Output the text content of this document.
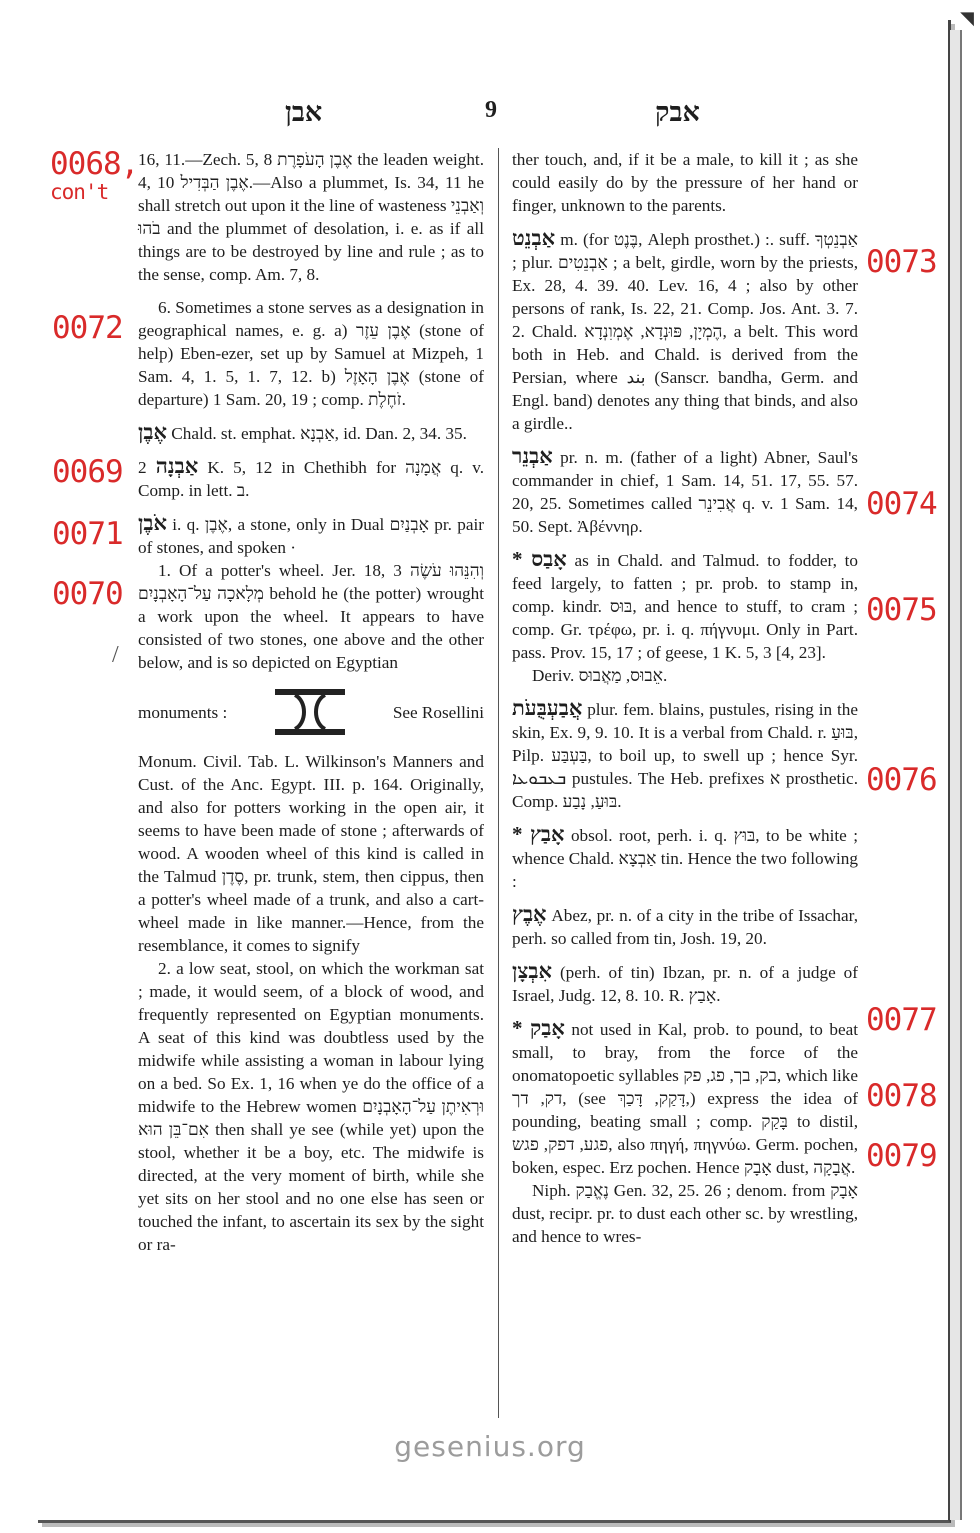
◥
אבן	9	אבק
0068,
con't
0072
0069
0071
0070
0073
0074
0075
0076
0077
0078
0079
/

16, 11.—Zech. 5, 8 אֶבֶן הָעֹפָרֶת the leaden weight. 4, 10 אֶבֶן הַבְּדִיל.—Also a plummet, Is. 34, 11 he shall stretch out upon it the line of wasteness וְאַבְנֵי בֹהוּ and the plummet of desolation, i. e. as if all things are to be destroyed by line and rule ; as to the sense, comp. Am. 7, 8.

6. Sometimes a stone serves as a designation in geographical names, e. g. a) אֶבֶן עֵזֶר (stone of help) Eben-ezer, set up by Samuel at Mizpeh, 1 Sam. 4, 1. 5, 1. 7, 12. b) אֶבֶן הָאָזֶל (stone of departure) 1 Sam. 20, 19 ; comp. זֹחֶלֶת.

אֶבֶן Chald. st. emphat. אַבְנָא, id. Dan. 2, 34. 35.

אַבְנָה 2 K. 5, 12 in Chethibh for אֲמָנָה q. v. Comp. in lett. ב.

אֹבֶן i. q. אֶבֶן, a stone, only in Dual אָבְנַיִם pr. pair of stones, and spoken ·

1. Of a potter's wheel. Jer. 18, 3 וְהִנֵּהוּ עֹשֶׂה מְלָאכָה עַל־הָאָבְנָיִם behold he (the potter) wrought a work upon the wheel. It appears to have consisted of two stones, one above and the other below, and is so depicted on Egyptian

monuments :	See Rosellini

Monum. Civil. Tab. L. Wilkinson's Manners and Cust. of the Anc. Egypt. III. p. 164. Originally, and also for potters working in the open air, it seems to have been made of stone ; afterwards of wood. A wooden wheel of this kind is called in the Talmud סֶדֶן, pr. trunk, stem, then cippus, then a potter's wheel made of a trunk, and also a cart-wheel made in like manner.—Hence, from the resemblance, it comes to signify

2. a low seat, stool, on which the workman sat ; made, it would seem, of a block of wood, and frequently represented on Egyptian monuments. A seat of this kind was doubtless used by the midwife while assisting a woman in labour lying on a bed. So Ex. 1, 16 when ye do the office of a midwife to the Hebrew women וּרְאִיתֶן עַל־הָאָבְנָיִם אִם־בֵּן הוּא then shall ye see (while yet) upon the stool, whether it be a boy, etc. The midwife is directed, at the very moment of birth, while she yet sits on her stool and no one else has seen or touched the infant, to ascertain its sex by the sight or ra-

ther touch, and, if it be a male, to kill it ; as she could easily do by the pressure of her hand or finger, unknown to the parents.

אַבְנֵט m. (for בֶּנֶט, Aleph prosthet.) :. suff. אַבְנֵטְךָ ; plur. אַבְנֵטִים ; a belt, girdle, worn by the priests, Ex. 28, 4. 39. 40. Lev. 16, 4 ; also by other persons of rank, Is. 22, 21. Comp. Jos. Ant. 3. 7. 2. Chald. הֶמְיָן, פּוּנְדָא, אֶמְוִנְדָא, a belt. This word both in Heb. and Chald. is derived from the Persian, where بند (Sanscr. bandha, Germ. and Engl. band) denotes any thing that binds, and also a girdle..

אַבְנֵר pr. n. m. (father of a light) Abner, Saul's commander in chief, 1 Sam. 14, 51. 17, 55. 57. 20, 25. Sometimes called אֲבִינֵר q. v. 1 Sam. 14, 50. Sept. Ἀβέννηρ.

* אָבַס as in Chald. and Talmud. to fodder, to feed largely, to fatten ; pr. prob. to stamp in, comp. kindr. בּוּס, and hence to stuff, to cram ; comp. Gr. τρέφω, pr. i. q. πήγνυμι. Only in Part. pass. Prov. 15, 17 ; of geese, 1 K. 5, 3 [4, 23].

Deriv. אֵבוּס, מַאֲבוּס.

אֲבַעְבֻּעֹת plur. fem. blains, pustules, rising in the skin, Ex. 9, 9. 10. It is a verbal from Chald. r. בּוּעַ, Pilp. בַּעְבַּע, to boil up, to swell up ; hence Syr. ܒܥܒܘܥܐ pustules. The Heb. prefixes א prosthetic. Comp. בּוּעַ, נָבַע.

* אָבַץ obsol. root, perh. i. q. בּוּץ, to be white ; whence Chald. אַבְצָא tin. Hence the two following :

אֶבֶץ Abez, pr. n. of a city in the tribe of Issachar, perh. so called from tin, Josh. 19, 20.

אִבְצָן (perh. of tin) Ibzan, pr. n. of a judge of Israel, Judg. 12, 8. 10. R. אָבַץ.

* אָבַק not used in Kal, prob. to pound, to beat small, to bray, from the force of the onomatopoetic syllables בק, בך, פג, פק, which like דק, דך, (see דָּקַק, דָּכַךְ,) express the idea of pounding, beating small ; comp. בָּקַק to distil, פגע, דפק, פגש, also πηγή, πηγνύω. Germ. pochen, boken, espec. Erz pochen. Hence אָבָק dust, אֲבָקָה.

Niph. נֶאֱבַק Gen. 32, 25. 26 ; denom. from אָבָק dust, recipr. pr. to dust each other sc. by wrestling, and hence to wres-

gesenius.org
